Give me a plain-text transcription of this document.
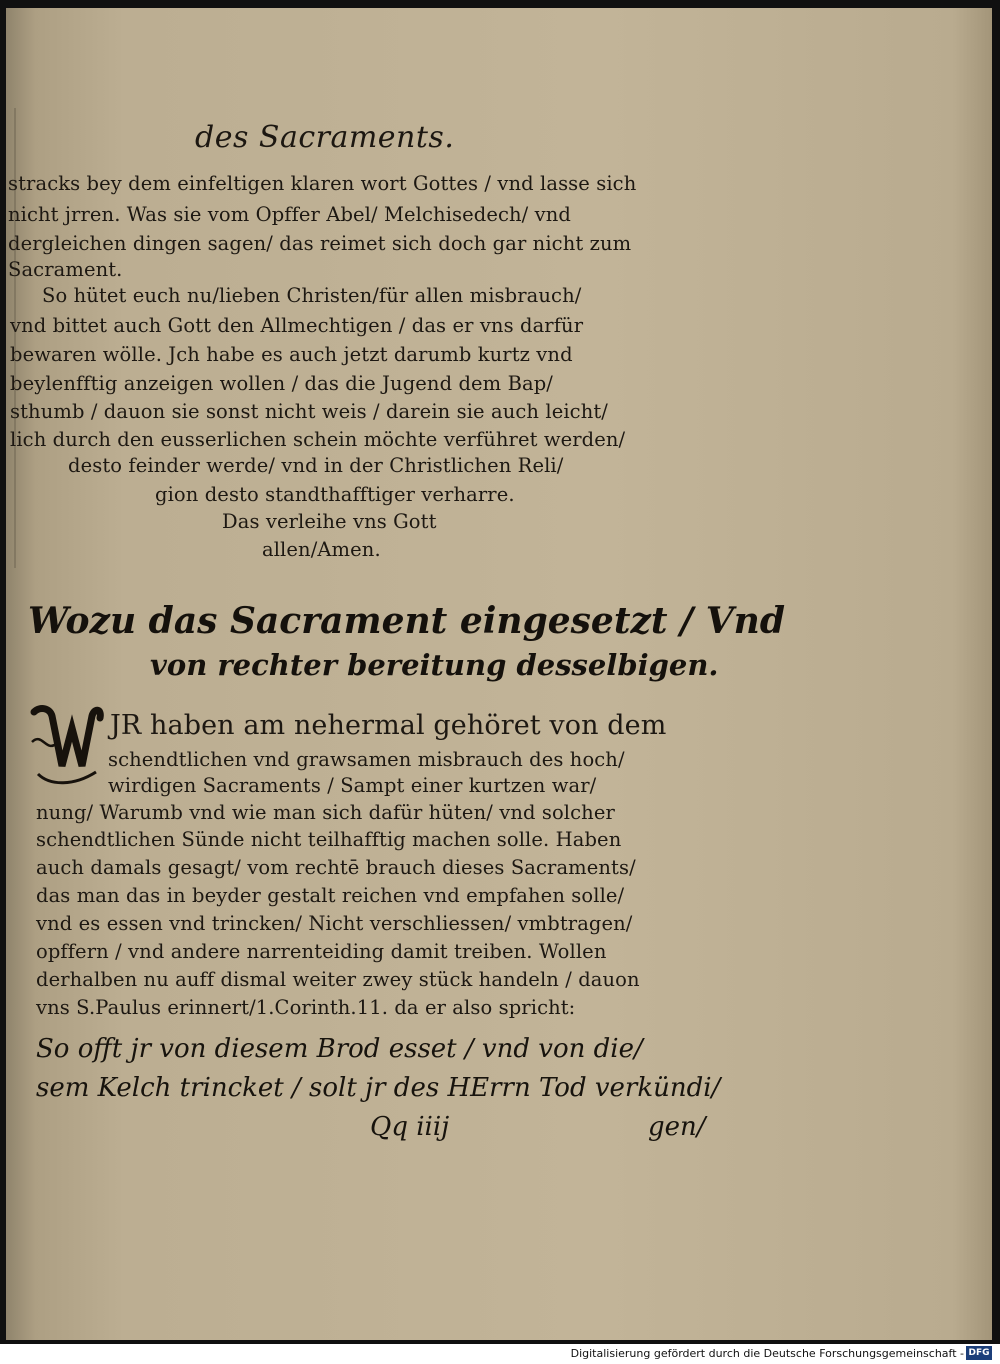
des Sacraments.
stracks bey dem einfeltigen klaren wort Gottes / vnd lasse sich
nicht jrren. Was sie vom Opffer Abel/ Melchisedech/ vnd
dergleichen dingen sagen/ das reimet sich doch gar nicht zum
Sacrament.
So hütet euch nu/lieben Christen/für allen misbrauch/
vnd bittet auch Gott den Allmechtigen / das er vns darfür
bewaren wölle. Jch habe es auch jetzt darumb kurtz vnd
beylenfftig anzeigen wollen / das die Jugend dem Bap/
sthumb / dauon sie sonst nicht weis / darein sie auch leicht/
lich durch den eusserlichen schein möchte verführet werden/
desto feinder werde/ vnd in der Christlichen Reli/
gion desto standthafftiger verharre.
Das verleihe vns Gott
allen/Amen.
Wozu das Sacrament eingesetzt / Vnd
von rechter bereitung desselbigen.
JR haben am nehermal gehöret von dem
schendtlichen vnd grawsamen misbrauch des hoch/
wirdigen Sacraments / Sampt einer kurtzen war/
nung/ Warumb vnd wie man sich dafür hüten/ vnd solcher
schendtlichen Sünde nicht teilhafftig machen solle. Haben
auch damals gesagt/ vom rechtē brauch dieses Sacraments/
das man das in beyder gestalt reichen vnd empfahen solle/
vnd es essen vnd trincken/ Nicht verschliessen/ vmbtragen/
opffern / vnd andere narrenteiding damit treiben. Wollen
derhalben nu auff dismal weiter zwey stück handeln / dauon
vns S.Paulus erinnert/1.Corinth.11. da er also spricht:
So offt jr von diesem Brod esset / vnd von die/
sem Kelch trincket / solt jr des HErrn Tod verkündi/
Qq iiij	gen/
Digitalisierung gefördert durch die Deutsche Forschungsgemeinschaft - DFG
